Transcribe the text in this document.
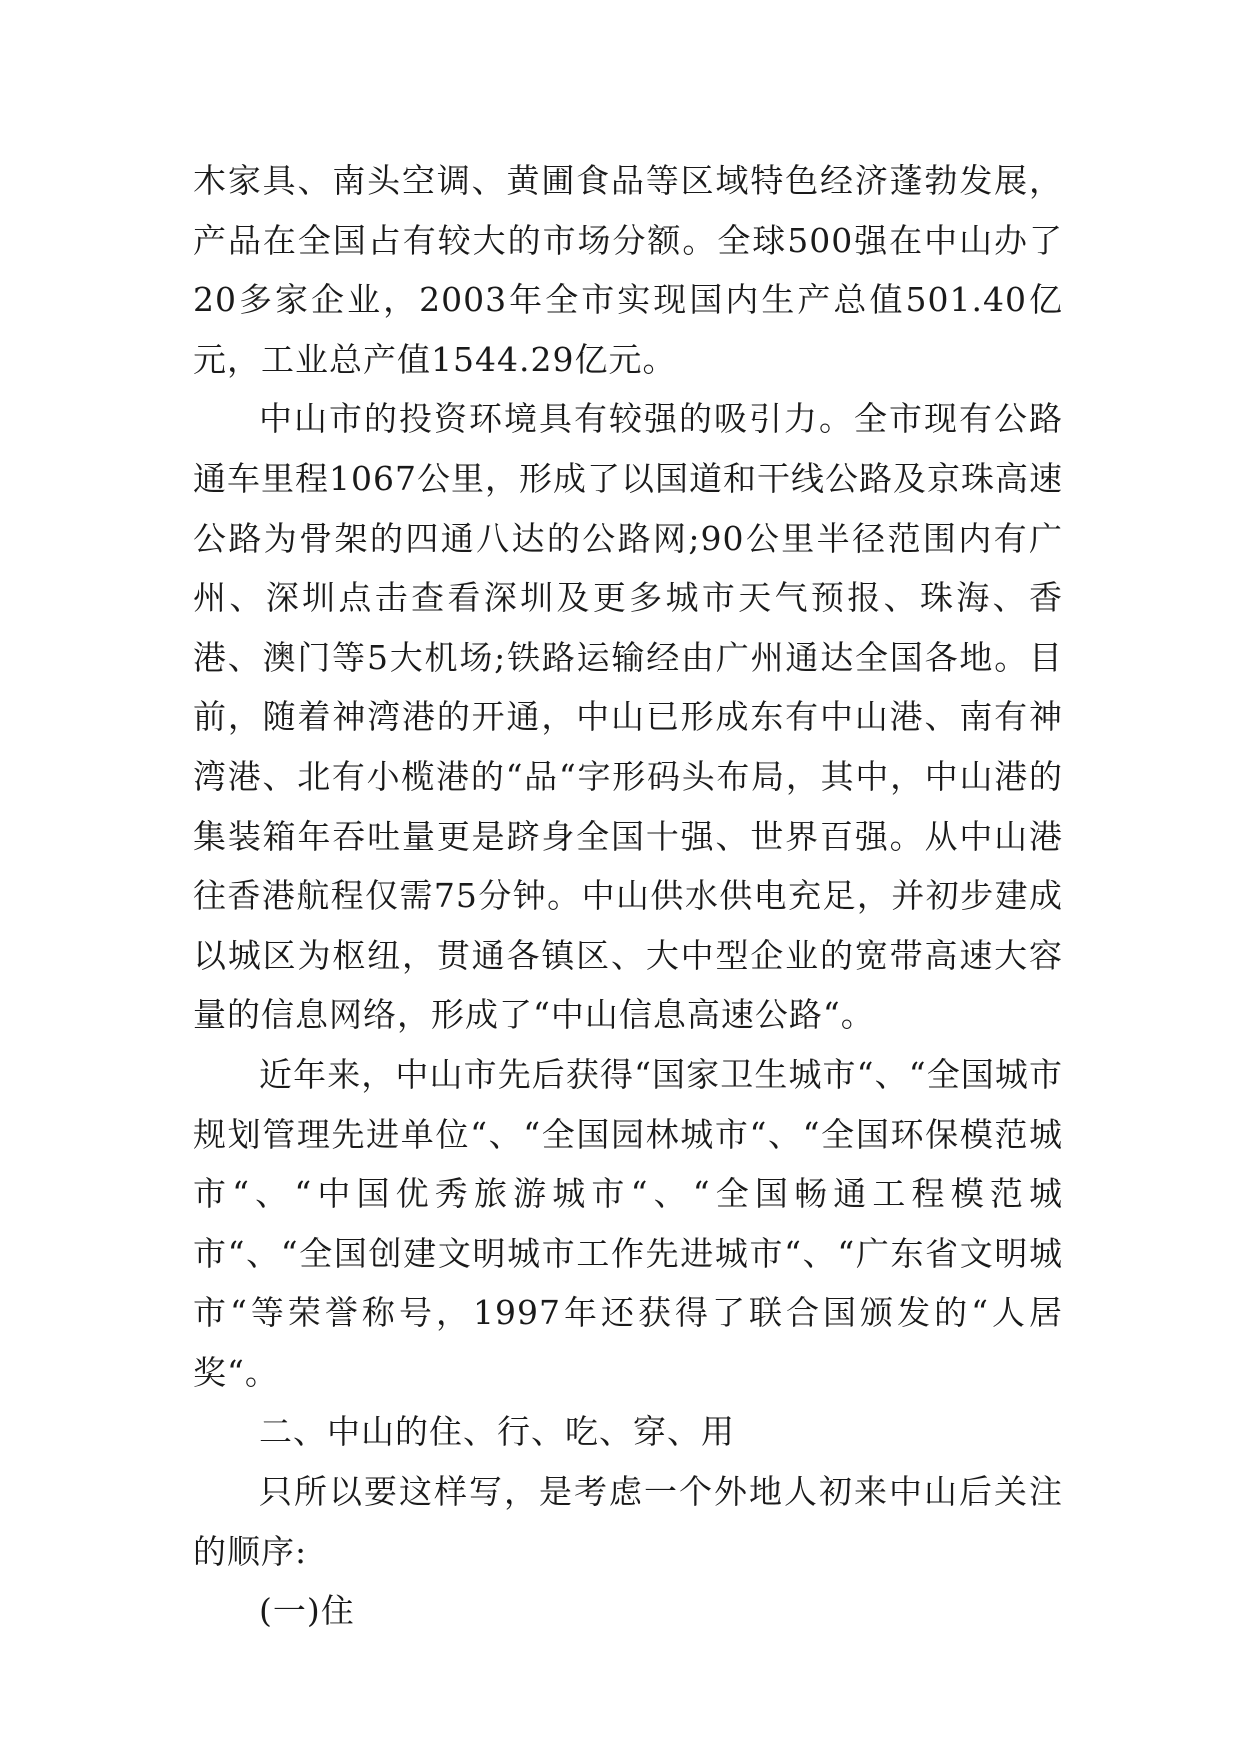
木家具、南头空调、黄圃食品等区域特色经济蓬勃发展，产品在全国占有较大的市场分额。全球500强在中山办了20多家企业，2003年全市实现国内生产总值501.40亿元，工业总产值1544.29亿元。

中山市的投资环境具有较强的吸引力。全市现有公路通车里程1067公里，形成了以国道和干线公路及京珠高速公路为骨架的四通八达的公路网;90公里半径范围内有广州、深圳点击查看深圳及更多城市天气预报、珠海、香港、澳门等5大机场;铁路运输经由广州通达全国各地。目前，随着神湾港的开通，中山已形成东有中山港、南有神湾港、北有小榄港的“品“字形码头布局，其中，中山港的集装箱年吞吐量更是跻身全国十强、世界百强。从中山港往香港航程仅需75分钟。中山供水供电充足，并初步建成以城区为枢纽，贯通各镇区、大中型企业的宽带高速大容量的信息网络，形成了“中山信息高速公路“。

近年来，中山市先后获得“国家卫生城市“、“全国城市规划管理先进单位“、“全国园林城市“、“全国环保模范城市“、“中国优秀旅游城市“、“全国畅通工程模范城市“、“全国创建文明城市工作先进城市“、“广东省文明城市“等荣誉称号，1997年还获得了联合国颁发的“人居奖“。

二、中山的住、行、吃、穿、用

只所以要这样写，是考虑一个外地人初来中山后关注的顺序:

(一)住
